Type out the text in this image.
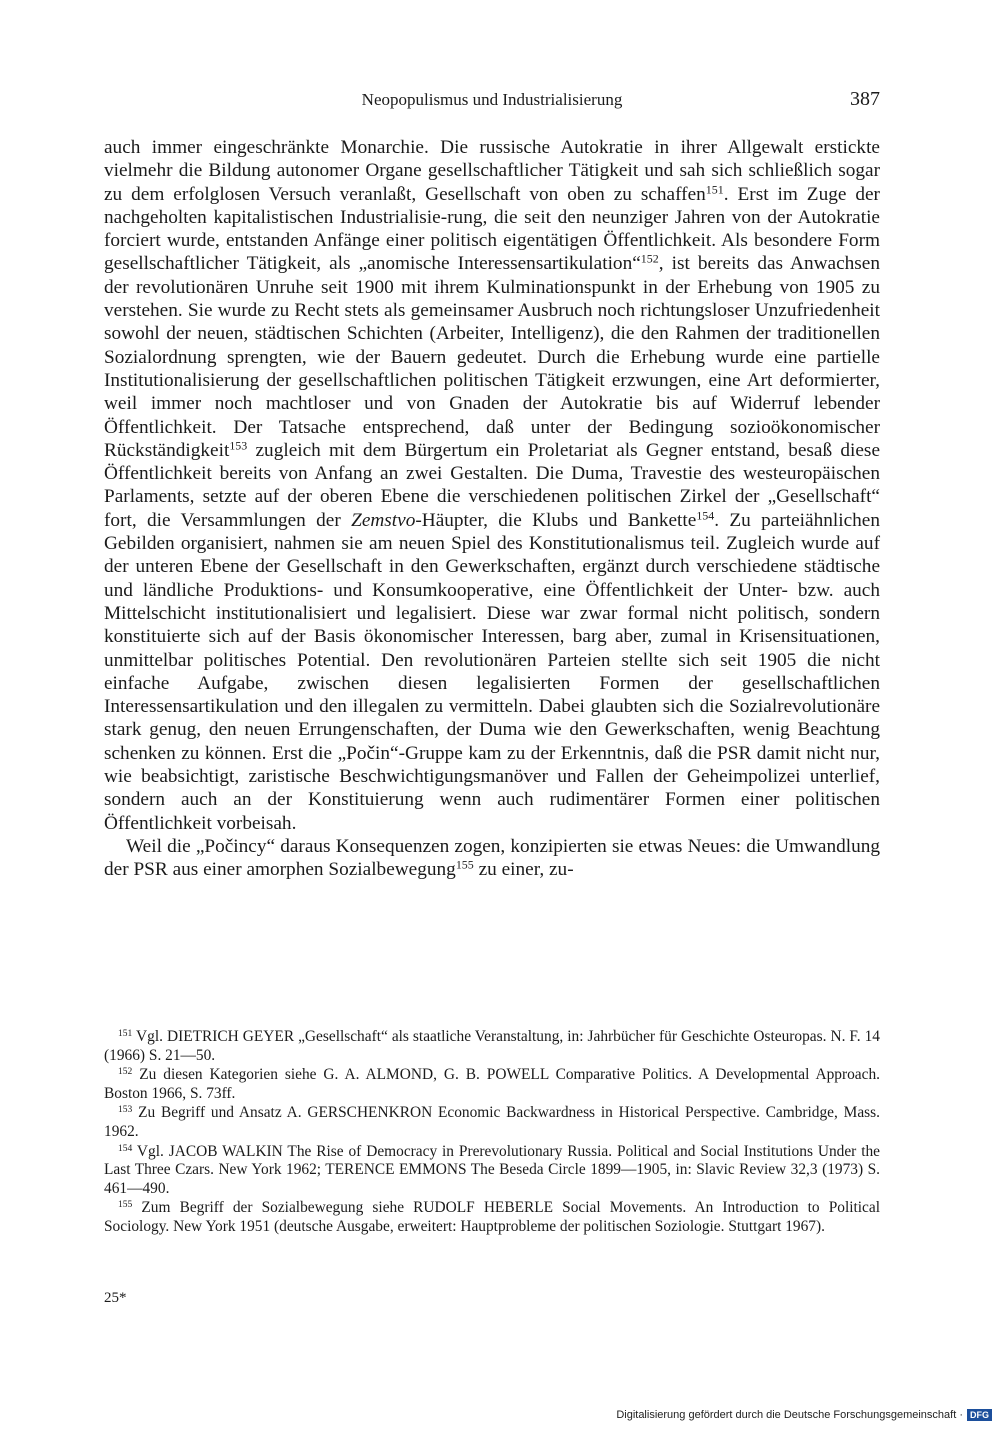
Neopopulismus und Industrialisierung	387

auch immer eingeschränkte Monarchie. Die russische Autokratie in ihrer Allgewalt erstickte vielmehr die Bildung autonomer Organe gesellschaftlicher Tätigkeit und sah sich schließlich sogar zu dem erfolglosen Versuch veranlaßt, Gesellschaft von oben zu schaffen$^{151}$. Erst im Zuge der nachgeholten kapitalistischen Industrialisie-rung, die seit den neunziger Jahren von der Autokratie forciert wurde, entstanden Anfänge einer politisch eigentätigen Öffentlichkeit. Als besondere Form gesellschaftlicher Tätigkeit, als „anomische Interessensartikulation“$^{152}$, ist bereits das Anwachsen der revolutionären Unruhe seit 1900 mit ihrem Kulminationspunkt in der Erhebung von 1905 zu verstehen. Sie wurde zu Recht stets als gemeinsamer Ausbruch noch richtungsloser Unzufriedenheit sowohl der neuen, städtischen Schichten (Arbeiter, Intelligenz), die den Rahmen der traditionellen Sozialordnung sprengten, wie der Bauern gedeutet. Durch die Erhebung wurde eine partielle Institutionalisierung der gesellschaftlichen politischen Tätigkeit erzwungen, eine Art deformierter, weil immer noch machtloser und von Gnaden der Autokratie bis auf Widerruf lebender Öffentlichkeit. Der Tatsache entsprechend, daß unter der Bedingung sozioökonomischer Rückständigkeit$^{153}$ zugleich mit dem Bürgertum ein Proletariat als Gegner entstand, besaß diese Öffentlichkeit bereits von Anfang an zwei Gestalten. Die Duma, Travestie des westeuropäischen Parlaments, setzte auf der oberen Ebene die verschiedenen politischen Zirkel der „Gesellschaft“ fort, die Versammlungen der Zemstvo-Häupter, die Klubs und Bankette$^{154}$. Zu parteiähnlichen Gebilden organisiert, nahmen sie am neuen Spiel des Konstitutionalismus teil. Zugleich wurde auf der unteren Ebene der Gesellschaft in den Gewerkschaften, ergänzt durch verschiedene städtische und ländliche Produktions- und Konsumkooperative, eine Öffentlichkeit der Unter- bzw. auch Mittelschicht institutionalisiert und legalisiert. Diese war zwar formal nicht politisch, sondern konstituierte sich auf der Basis ökonomischer Interessen, barg aber, zumal in Krisensituationen, unmittelbar politisches Potential. Den revolutionären Parteien stellte sich seit 1905 die nicht einfache Aufgabe, zwischen diesen legalisierten Formen der gesellschaftlichen Interessensartikulation und den illegalen zu vermitteln. Dabei glaubten sich die Sozialrevolutionäre stark genug, den neuen Errungenschaften, der Duma wie den Gewerkschaften, wenig Beachtung schenken zu können. Erst die „Počin“-Gruppe kam zu der Erkenntnis, daß die PSR damit nicht nur, wie beabsichtigt, zaristische Beschwichtigungsmanöver und Fallen der Geheimpolizei unterlief, sondern auch an der Konstituierung wenn auch rudimentärer Formen einer politischen Öffentlichkeit vorbeisah.

Weil die „Počincy“ daraus Konsequenzen zogen, konzipierten sie etwas Neues: die Umwandlung der PSR aus einer amorphen Sozialbewegung$^{155}$ zu einer, zu-

$^{151}$ Vgl. DIETRICH GEYER „Gesellschaft“ als staatliche Veranstaltung, in: Jahrbücher für Geschichte Osteuropas. N. F. 14 (1966) S. 21—50.

$^{152}$ Zu diesen Kategorien siehe G. A. ALMOND, G. B. POWELL Comparative Politics. A Developmental Approach. Boston 1966, S. 73ff.

$^{153}$ Zu Begriff und Ansatz A. GERSCHENKRON Economic Backwardness in Historical Perspective. Cambridge, Mass. 1962.

$^{154}$ Vgl. JACOB WALKIN The Rise of Democracy in Prerevolutionary Russia. Political and Social Institutions Under the Last Three Czars. New York 1962; TERENCE EMMONS The Beseda Circle 1899—1905, in: Slavic Review 32,3 (1973) S. 461—490.

$^{155}$ Zum Begriff der Sozialbewegung siehe RUDOLF HEBERLE Social Movements. An Introduction to Political Sociology. New York 1951 (deutsche Ausgabe, erweitert: Hauptprobleme der politischen Soziologie. Stuttgart 1967).

25*
Digitalisierung gefördert durch die Deutsche Forschungsgemeinschaft · DFG
